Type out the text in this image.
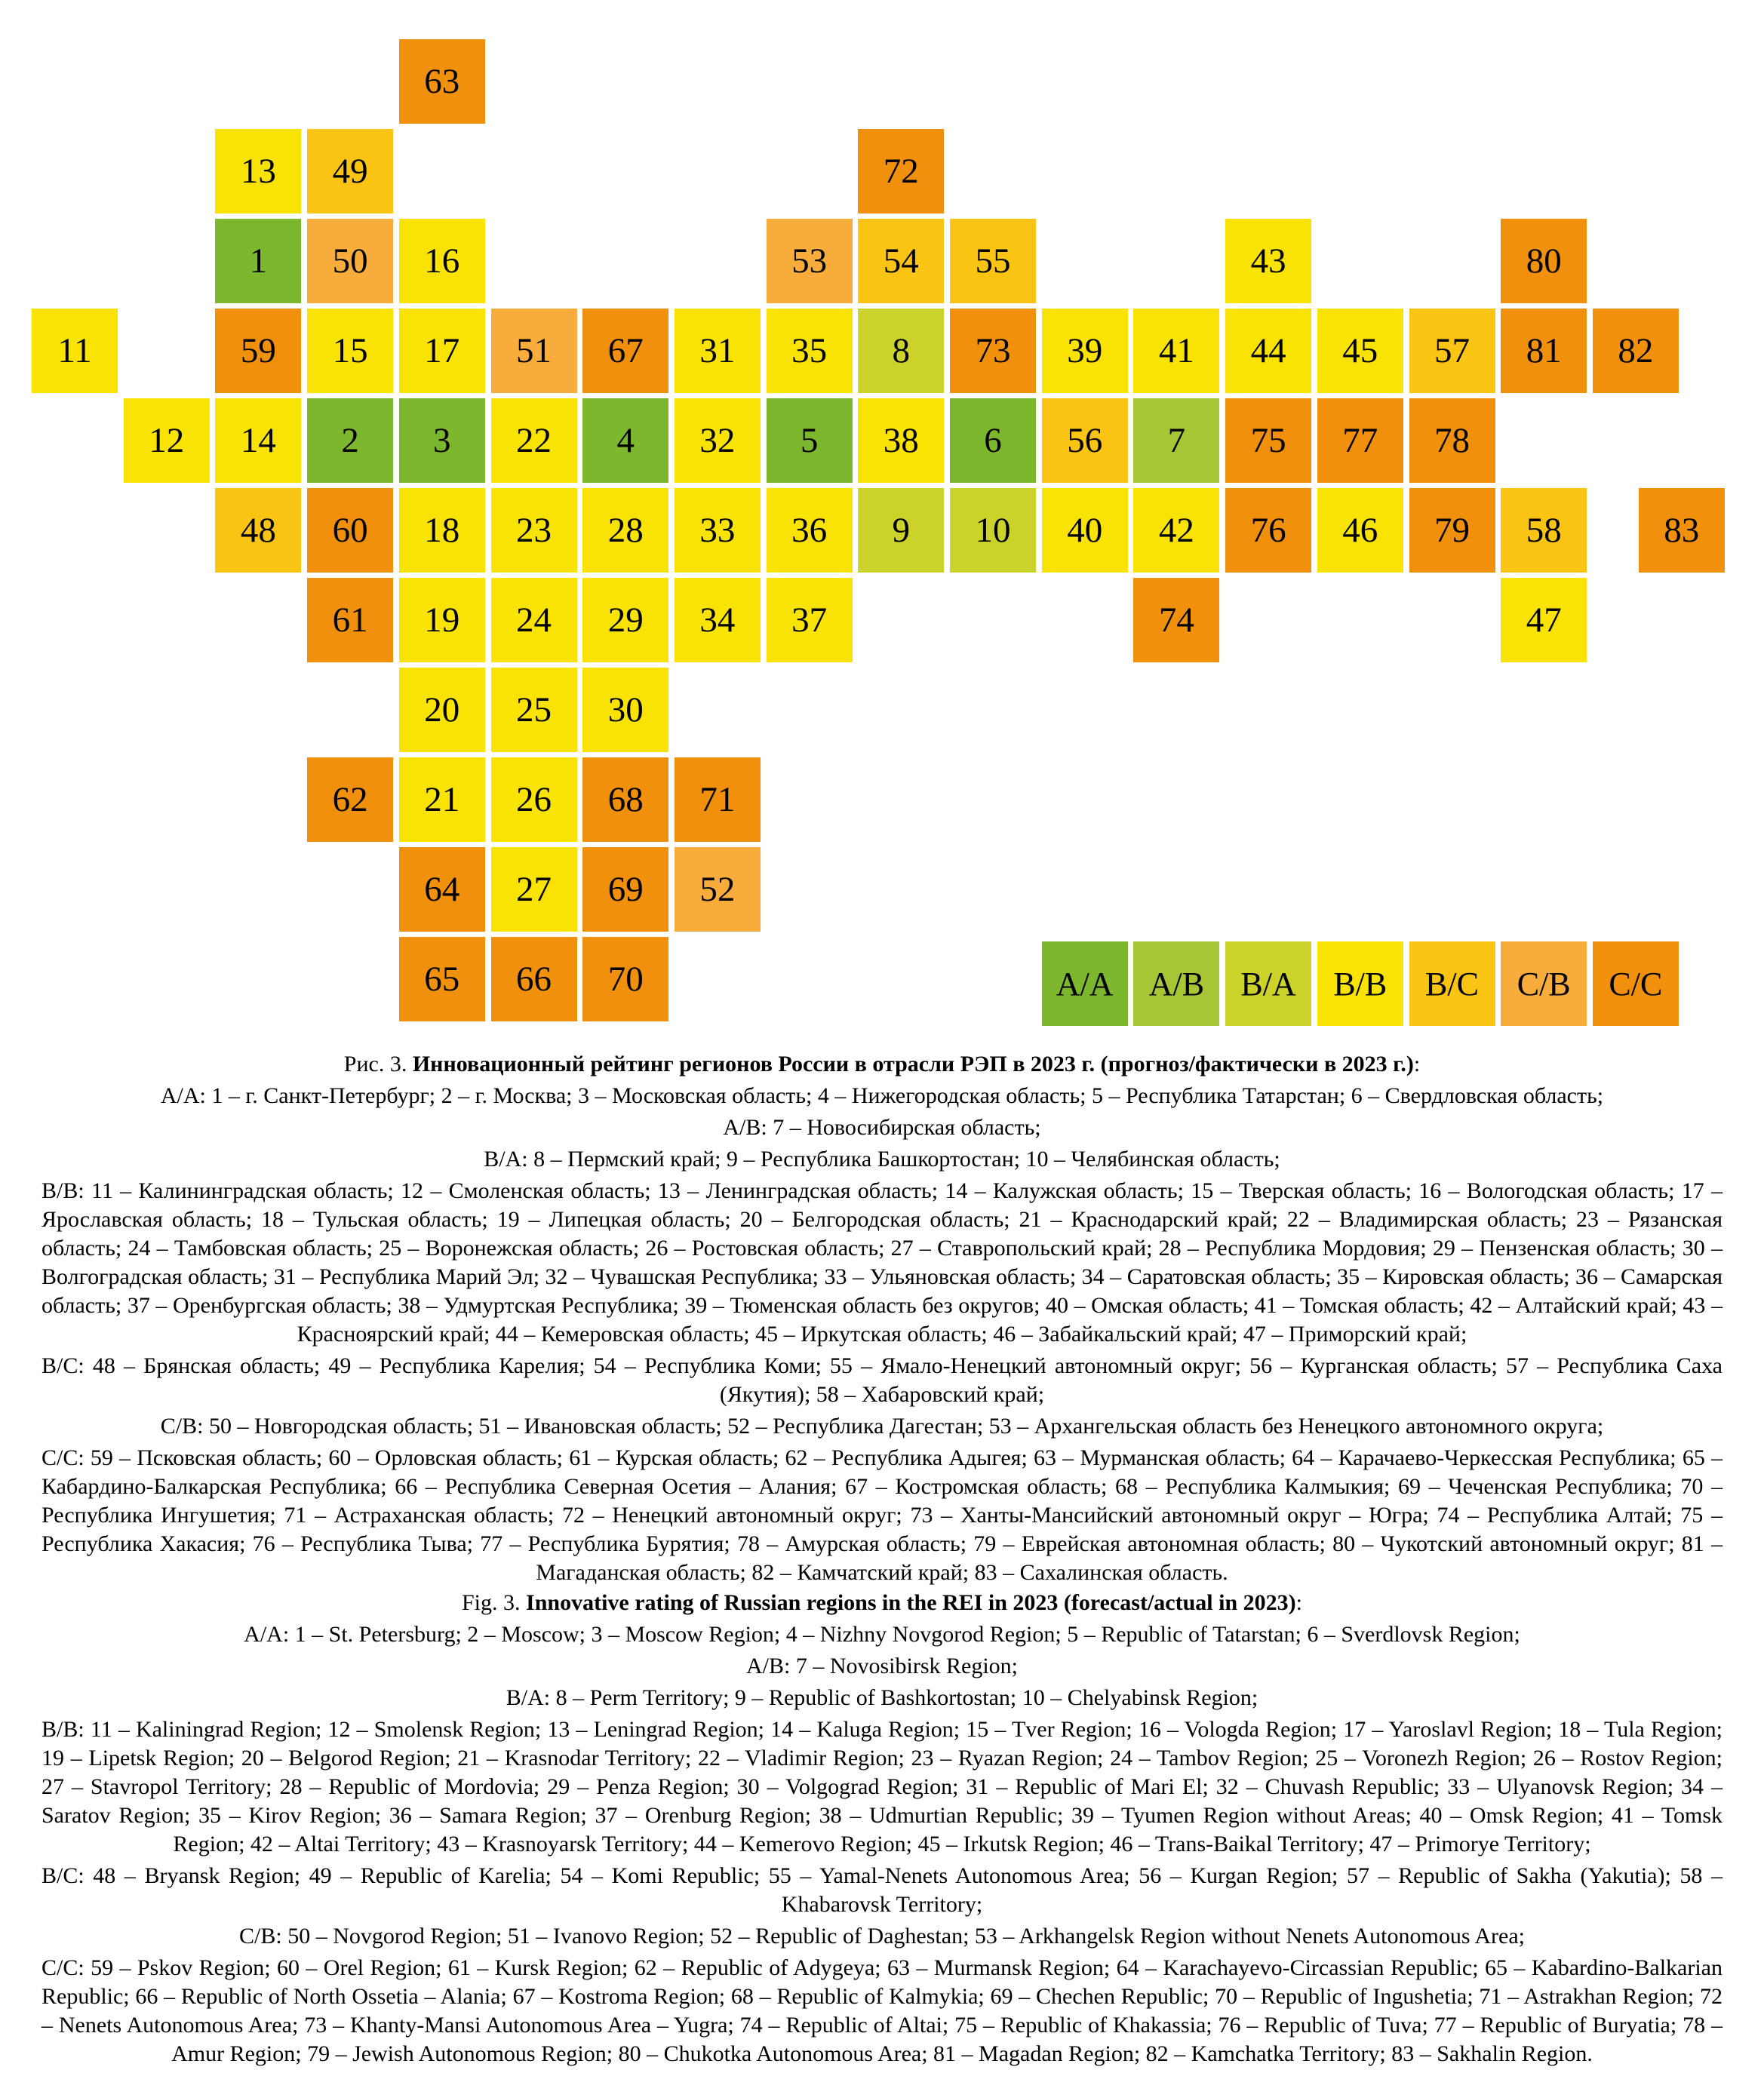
63
13	49	72
1	50	16	53	54	55	43	80
11	59	15	17	51	67	31	35	8	73	39	41	44	45	57	81	82
12	14	2	3	22	4	32	5	38	6	56	7	75	77	78
48	60	18	23	28	33	36	9	10	40	42	76	46	79	58	83
61	19	24	29	34	37	74	47
20	25	30
62	21	26	68	71
64	27	69	52
65	66	70	A/A	A/B	B/A	B/B	B/C	C/B	C/C

Рис. 3. Инновационный рейтинг регионов России в отрасли РЭП в 2023 г. (прогноз/фактически в 2023 г.):

А/А: 1 – г. Санкт-Петербург; 2 – г. Москва; 3 – Московская область; 4 – Нижегородская область; 5 – Республика Татарстан; 6 – Свердловская область;

А/В: 7 – Новосибирская область;

В/А: 8 – Пермский край; 9 – Республика Башкортостан; 10 – Челябинская область;

В/В: 11 – Калининградская область; 12 – Смоленская область; 13 – Ленинградская область; 14 – Калужская область; 15 – Тверская область; 16 – Вологодская область; 17 – Ярославская область; 18 – Тульская область; 19 – Липецкая область; 20 – Белгородская область; 21 – Краснодарский край; 22 – Владимирская область; 23 – Рязанская область; 24 – Тамбовская область; 25 – Воронежская область; 26 – Ростовская область; 27 – Ставропольский край; 28 – Республика Мордовия; 29 – Пензенская область; 30 – Волгоградская область; 31 – Республика Марий Эл; 32 – Чувашская Республика; 33 – Ульяновская область; 34 – Саратовская область; 35 – Кировская область; 36 – Самарская область; 37 – Оренбургская область; 38 – Удмуртская Республика; 39 – Тюменская область без округов; 40 – Омская область; 41 – Томская область; 42 – Алтайский край; 43 – Красноярский край; 44 – Кемеровская область; 45 – Иркутская область; 46 – Забайкальский край; 47 – Приморский край;

В/С: 48 – Брянская область; 49 – Республика Карелия; 54 – Республика Коми; 55 – Ямало-Ненецкий автономный округ; 56 – Курганская область; 57 – Республика Саха (Якутия); 58 – Хабаровский край;

С/В: 50 – Новгородская область; 51 – Ивановская область; 52 – Республика Дагестан; 53 – Архангельская область без Ненецкого автономного округа;

С/С: 59 – Псковская область; 60 – Орловская область; 61 – Курская область; 62 – Республика Адыгея; 63 – Мурманская область; 64 – Карачаево-Черкесская Республика; 65 – Кабардино-Балкарская Республика; 66 – Республика Северная Осетия – Алания; 67 – Костромская область; 68 – Республика Калмыкия; 69 – Чеченская Республика; 70 – Республика Ингушетия; 71 – Астраханская область; 72 – Ненецкий автономный округ; 73 – Ханты-Мансийский автономный округ – Югра; 74 – Республика Алтай; 75 – Республика Хакасия; 76 – Республика Тыва; 77 – Республика Бурятия; 78 – Амурская область; 79 – Еврейская автономная область; 80 – Чукотский автономный округ; 81 – Магаданская область; 82 – Камчатский край; 83 – Сахалинская область.

Fig. 3. Innovative rating of Russian regions in the REI in 2023 (forecast/actual in 2023):

A/A: 1 – St. Petersburg; 2 – Moscow; 3 – Moscow Region; 4 – Nizhny Novgorod Region; 5 – Republic of Tatarstan; 6 – Sverdlovsk Region;

A/B: 7 – Novosibirsk Region;

B/A: 8 – Perm Territory; 9 – Republic of Bashkortostan; 10 – Chelyabinsk Region;

B/B: 11 – Kaliningrad Region; 12 – Smolensk Region; 13 – Leningrad Region; 14 – Kaluga Region; 15 – Tver Region; 16 – Vologda Region; 17 – Yaroslavl Region; 18 – Tula Region; 19 – Lipetsk Region; 20 – Belgorod Region; 21 – Krasnodar Territory; 22 – Vladimir Region; 23 – Ryazan Region; 24 – Tambov Region; 25 – Voronezh Region; 26 – Rostov Region; 27 – Stavropol Territory; 28 – Republic of Mordovia; 29 – Penza Region; 30 – Volgograd Region; 31 – Republic of Mari El; 32 – Chuvash Republic; 33 – Ulyanovsk Region; 34 – Saratov Region; 35 – Kirov Region; 36 – Samara Region; 37 – Orenburg Region; 38 – Udmurtian Republic; 39 – Tyumen Region without Areas; 40 – Omsk Region; 41 – Tomsk Region; 42 – Altai Territory; 43 – Krasnoyarsk Territory; 44 – Kemerovo Region; 45 – Irkutsk Region; 46 – Trans-Baikal Territory; 47 – Primorye Territory;

B/C: 48 – Bryansk Region; 49 – Republic of Karelia; 54 – Komi Republic; 55 – Yamal-Nenets Autonomous Area; 56 – Kurgan Region; 57 – Republic of Sakha (Yakutia); 58 – Khabarovsk Territory;

C/B: 50 – Novgorod Region; 51 – Ivanovo Region; 52 – Republic of Daghestan; 53 – Arkhangelsk Region without Nenets Autonomous Area;

C/C: 59 – Pskov Region; 60 – Orel Region; 61 – Kursk Region; 62 – Republic of Adygeya; 63 – Murmansk Region; 64 – Karachayevo-Circassian Republic; 65 – Kabardino-Balkarian Republic; 66 – Republic of North Ossetia – Alania; 67 – Kostroma Region; 68 – Republic of Kalmykia; 69 – Chechen Republic; 70 – Republic of Ingushetia; 71 – Astrakhan Region; 72 – Nenets Autonomous Area; 73 – Khanty-Mansi Autonomous Area – Yugra; 74 – Republic of Altai; 75 – Republic of Khakassia; 76 – Republic of Tuva; 77 – Republic of Buryatia; 78 – Amur Region; 79 – Jewish Autonomous Region; 80 – Chukotka Autonomous Area; 81 – Magadan Region; 82 – Kamchatka Territory; 83 – Sakhalin Region.
